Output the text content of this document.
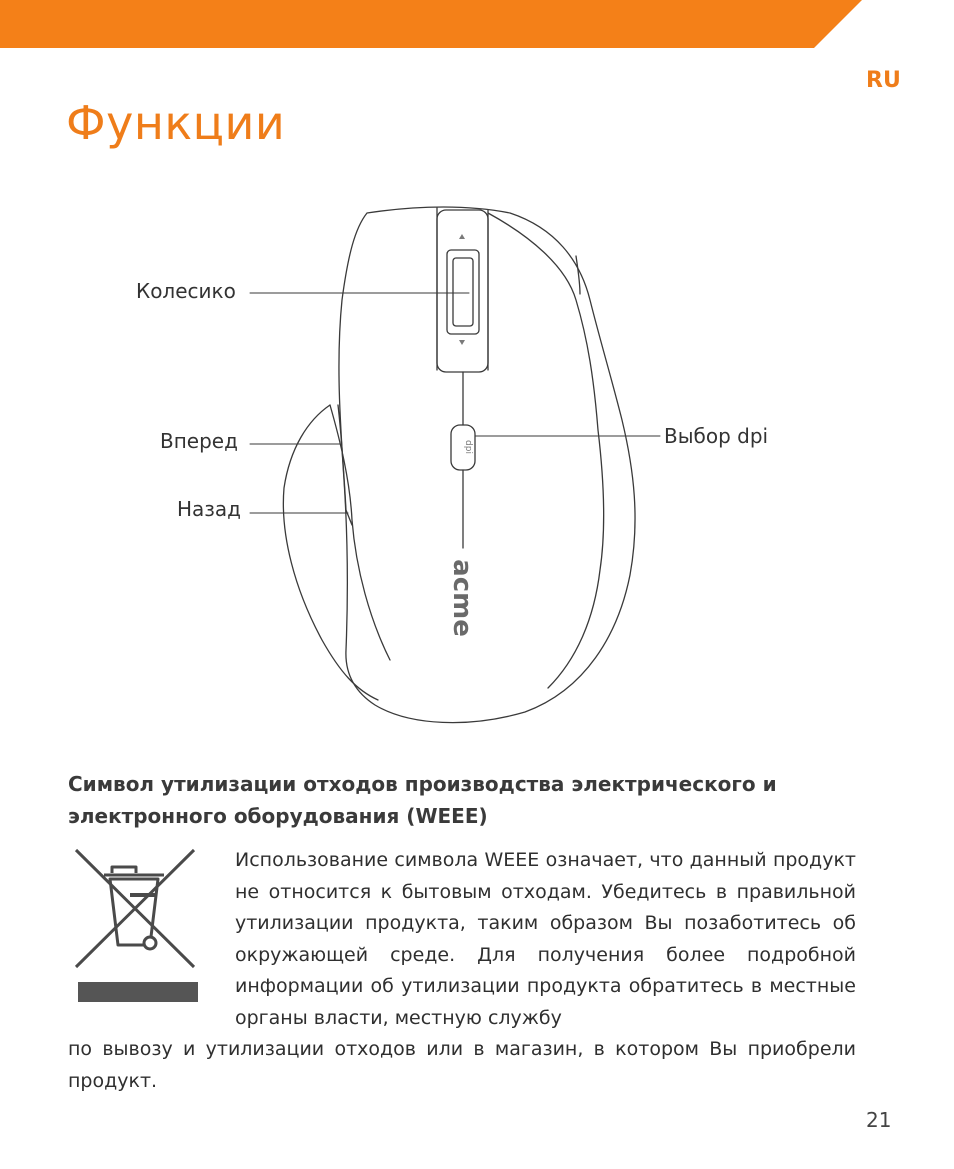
RU
Функции
dpi
acme
Колесико
Вперед
Назад
Выбор dpi
Символ утилизации отходов производства электрического и электронного оборудования (WEEE)

Использование символа WEEE означает, что данный продукт не относится к бытовым отходам. Убедитесь в правильной утилизации продукта, таким образом Вы позаботитесь об окружающей среде. Для получения более подробной информации об утилизации продукта обратитесь в местные органы власти, местную службу

по вывозу и утилизации отходов или в магазин, в котором Вы приобрели продукт.

21
